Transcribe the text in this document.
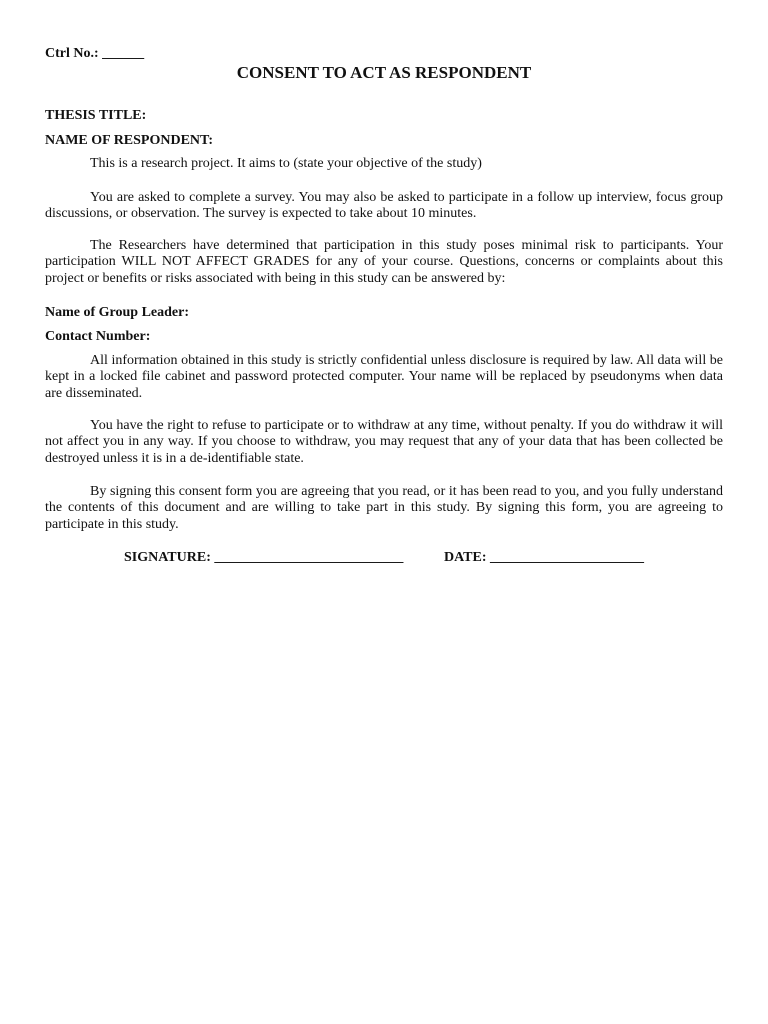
Ctrl No.: ______
CONSENT TO ACT AS RESPONDENT
THESIS TITLE:
NAME OF RESPONDENT:

This is a research project. It aims to (state your objective of the study)

You are asked to complete a survey. You may also be asked to participate in a follow up interview, focus group discussions, or observation. The survey is expected to take about 10 minutes.

The Researchers have determined that participation in this study poses minimal risk to participants. Your participation WILL NOT AFFECT GRADES for any of your course. Questions, concerns or complaints about this project or benefits or risks associated with being in this study can be answered by:

Name of Group Leader:
Contact Number:

All information obtained in this study is strictly confidential unless disclosure is required by law. All data will be kept in a locked file cabinet and password protected computer. Your name will be replaced by pseudonyms when data are disseminated.

You have the right to refuse to participate or to withdraw at any time, without penalty. If you do withdraw it will not affect you in any way. If you choose to withdraw, you may request that any of your data that has been collected be destroyed unless it is in a de-identifiable state.

By signing this consent form you are agreeing that you read, or it has been read to you, and you fully understand the contents of this document and are willing to take part in this study. By signing this form, you are agreeing to participate in this study.

SIGNATURE: ___________________________	DATE: ______________________
